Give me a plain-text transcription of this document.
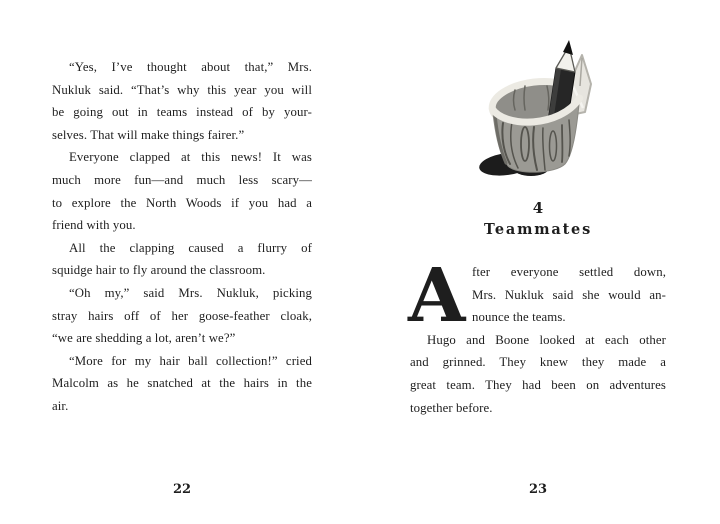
“Yes, I’ve thought about that,” Mrs.
Nukluk said. “That’s why this year you will
be going out in teams instead of by your-
selves. That will make things fairer.”
Everyone clapped at this news! It was
much more fun—and much less scary—
to explore the North Woods if you had a
friend with you.
All the clapping caused a flurry of
squidge hair to fly around the classroom.
“Oh my,” said Mrs. Nukluk, picking
stray hairs off of her goose-feather cloak,
“we are shedding a lot, aren’t we?”
“More for my hair ball collection!” cried
Malcolm as he snatched at the hairs in the
air.
22
4
Teammates
A fter everyone settled down,
Mrs. Nukluk said she would an-
nounce the teams.
Hugo and Boone looked at each other
and grinned. They knew they made a
great team. They had been on adventures
together before.
23
